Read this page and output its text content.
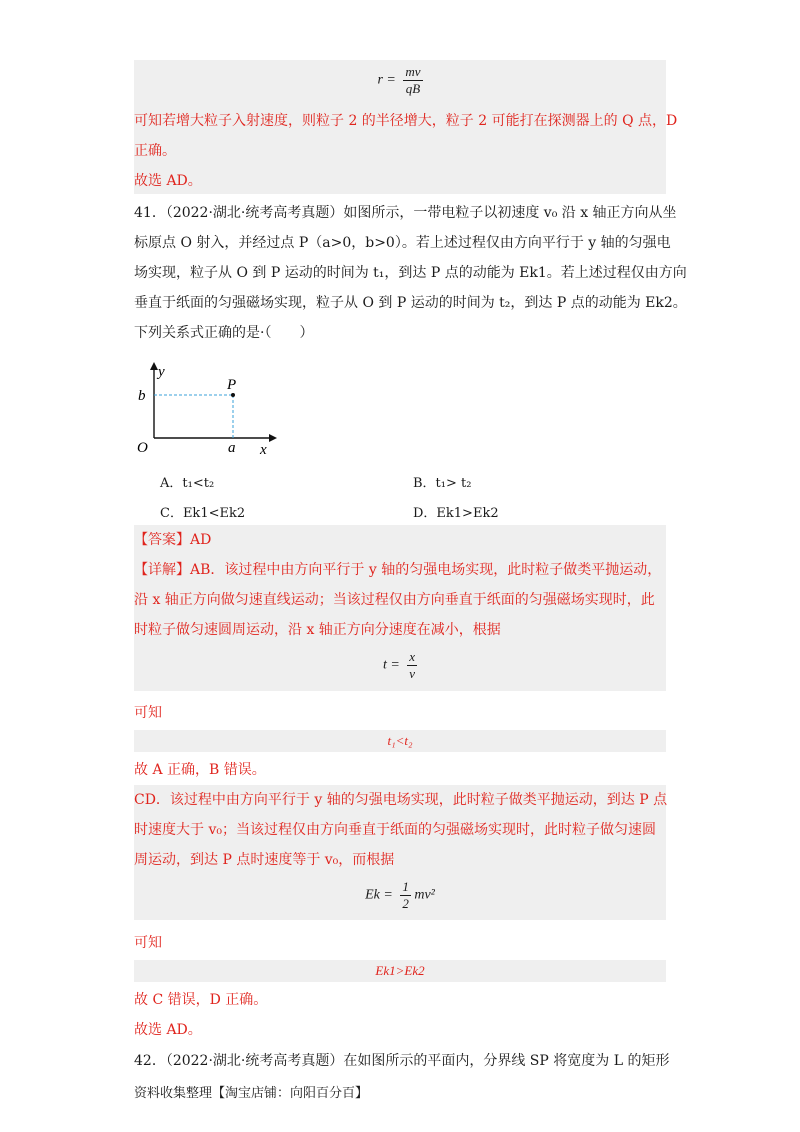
$r = \frac{mv}{qB}$
可知若增大粒子入射速度，则粒子 2 的半径增大，粒子 2 可能打在探测器上的 Q 点，D
正确。
故选 AD。
41．（2022·湖北·统考高考真题）如图所示，一带电粒子以初速度 v₀ 沿 x 轴正方向从坐
标原点 O 射入，并经过点 P（a>0，b>0）。若上述过程仅由方向平行于 y 轴的匀强电
场实现，粒子从 O 到 P 运动的时间为 t₁，到达 P 点的动能为 Ek1。若上述过程仅由方向
垂直于纸面的匀强磁场实现，粒子从 O 到 P 运动的时间为 t₂，到达 P 点的动能为 Ek2。
下列关系式正确的是·（　　）
y
x
O
P
a
b
A．t₁<t₂	B．t₁> t₂
C．Ek1<Ek2	D．Ek1>Ek2
【答案】AD
【详解】AB．该过程中由方向平行于 y 轴的匀强电场实现，此时粒子做类平抛运动，
沿 x 轴正方向做匀速直线运动；当该过程仅由方向垂直于纸面的匀强磁场实现时，此
时粒子做匀速圆周运动，沿 x 轴正方向分速度在减小，根据
$t = \frac{x}{v}$
可知
t₁<t₂
故 A 正确，B 错误。
CD．该过程中由方向平行于 y 轴的匀强电场实现，此时粒子做类平抛运动，到达 P 点
时速度大于 v₀；当该过程仅由方向垂直于纸面的匀强磁场实现时，此时粒子做匀速圆
周运动，到达 P 点时速度等于 v₀，而根据
$Ek = \frac{1}{2} mv^2$
可知
Ek1>Ek2
故 C 错误，D 正确。
故选 AD。
42．（2022·湖北·统考高考真题）在如图所示的平面内，分界线 SP 将宽度为 L 的矩形
资料收集整理【淘宝店铺：向阳百分百】
